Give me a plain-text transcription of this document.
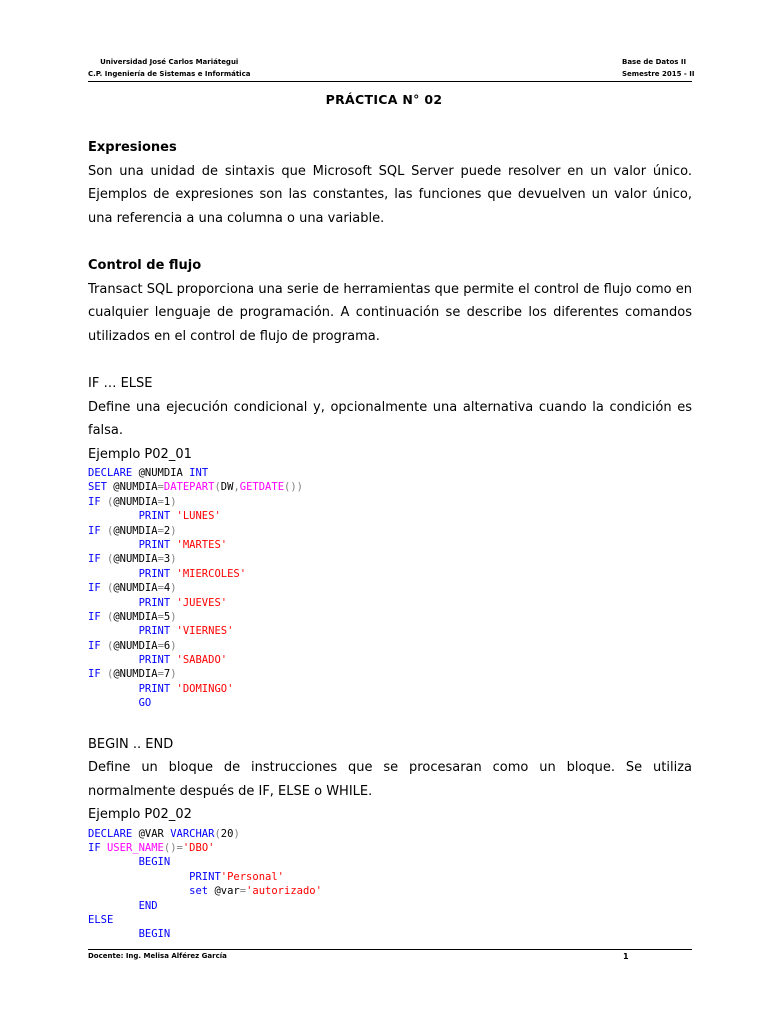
Universidad José Carlos Mariátegui
C.P. Ingeniería de Sistemas e Informática
Base de Datos II
Semestre 2015 - II
PRÁCTICA N° 02
Expresiones
Son una unidad de sintaxis que Microsoft SQL Server puede resolver en un valor único. Ejemplos de expresiones son las constantes, las funciones que devuelven un valor único, una referencia a una columna o una variable.
Control de flujo
Transact SQL proporciona una serie de herramientas que permite el control de flujo como en cualquier lenguaje de programación. A continuación se describe los diferentes comandos utilizados en el control de flujo de programa.
IF … ELSE
Define una ejecución condicional y, opcionalmente una alternativa cuando la condición es falsa.
Ejemplo P02_01
DECLARE @NUMDIA INT
SET @NUMDIA=DATEPART(DW,GETDATE())
IF (@NUMDIA=1)
PRINT 'LUNES'
IF (@NUMDIA=2)
PRINT 'MARTES'
IF (@NUMDIA=3)
PRINT 'MIERCOLES'
IF (@NUMDIA=4)
PRINT 'JUEVES'
IF (@NUMDIA=5)
PRINT 'VIERNES'
IF (@NUMDIA=6)
PRINT 'SABADO'
IF (@NUMDIA=7)
PRINT 'DOMINGO'
GO
BEGIN .. END
Define un bloque de instrucciones que se procesaran como un bloque. Se utiliza normalmente después de IF, ELSE o WHILE.
Ejemplo P02_02
DECLARE @VAR VARCHAR(20)
IF USER_NAME()='DBO'
BEGIN
PRINT'Personal'
set @var='autorizado'
END
ELSE
BEGIN
Docente: Ing. Melisa Alférez García	1
